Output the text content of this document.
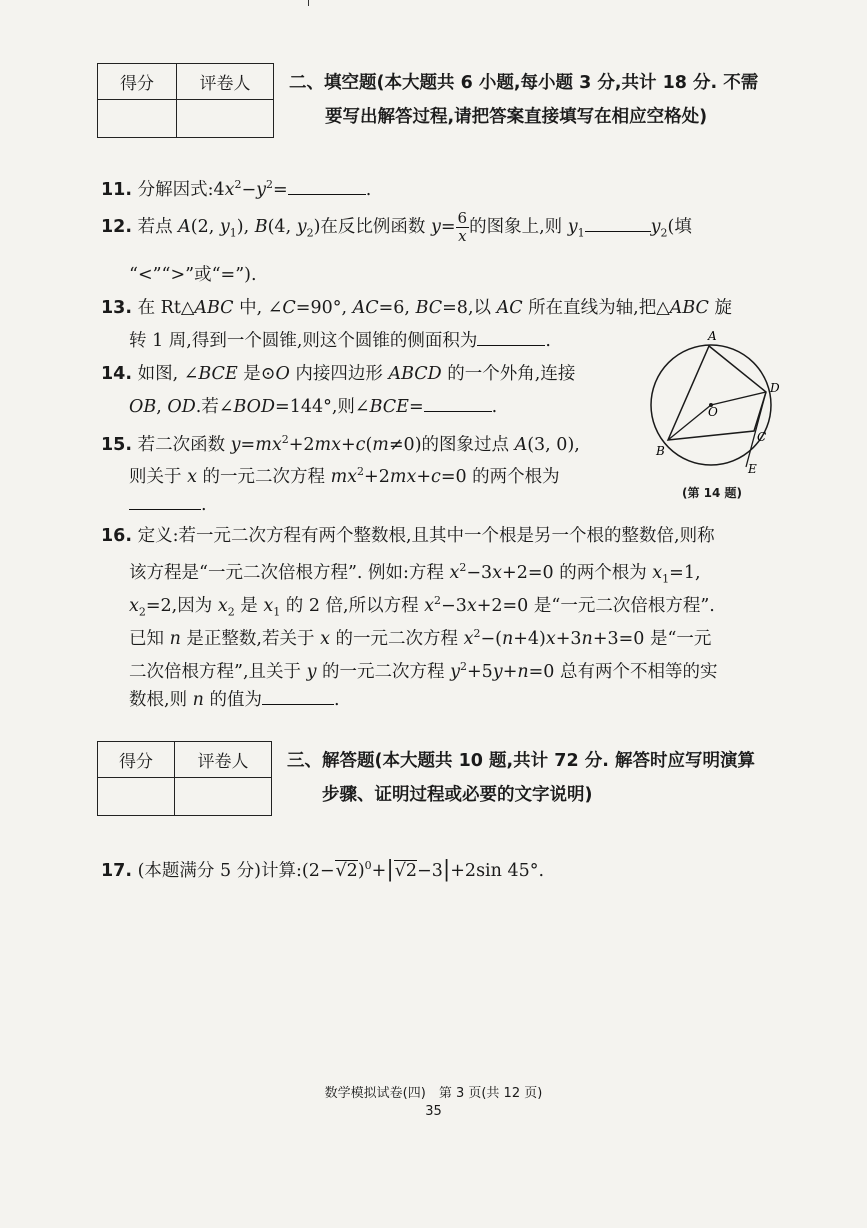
得分	评卷人
	二、填空题(本大题共 6 小题,每小题 3 分,共计 18 分. 不需
要写出解答过程,请把答案直接填写在相应空格处)
11. 分解因式$:4x^2-y^2=$	.
12. 若点 A(2, $y_1$), B(4, $y_2$)在反比例函数 $y= \frac{6}{x}$ 的图象上,则 $y_1$	$y_2$(填
“<”“>”或“=”).
13. 在 Rt△ABC 中, ∠C=90°, AC=6, BC=8,以 AC 所在直线为轴,把△ABC 旋
转 1 周,得到一个圆锥,则这个圆锥的侧面积为	.
14. 如图, ∠BCE 是⊙O 内接四边形 ABCD 的一个外角,连接
OB, OD.若∠BOD=144°,则∠BCE=	.
15. 若二次函数 $y=mx^2+2mx+c(m\ne 0)$的图象过点 A(3, 0),
则关于 x 的一元二次方程 $mx^2+2mx+c=0$ 的两个根为
.
A
B
C
D
E
O
(第 14 题)
16. 定义:若一元二次方程有两个整数根,且其中一个根是另一个根的整数倍,则称
该方程是“一元二次倍根方程”. 例如:方程 $x^2-3x+2=0$ 的两个根为 $x_1=1$,
$x_2=2$,因为 $x_2$ 是 $x_1$ 的 2 倍,所以方程 $x^2-3x+2=0$ 是“一元二次倍根方程”.
已知 n 是正整数,若关于 x 的一元二次方程 $x^2-(n+4)x+3n+3=0$ 是“一元
二次倍根方程”,且关于 y 的一元二次方程 $y^2+5y+n=0$ 总有两个不相等的实
数根,则 n 的值为	.
得分	评卷人
	三、解答题(本大题共 10 题,共计 72 分. 解答时应写明演算
步骤、证明过程或必要的文字说明)
17. (本题满分 5 分)计算$:(2-√2)^0+|√2-3|+2\sin$ 45°.
数学模拟试卷(四)　第 3 页(共 12 页)
35
